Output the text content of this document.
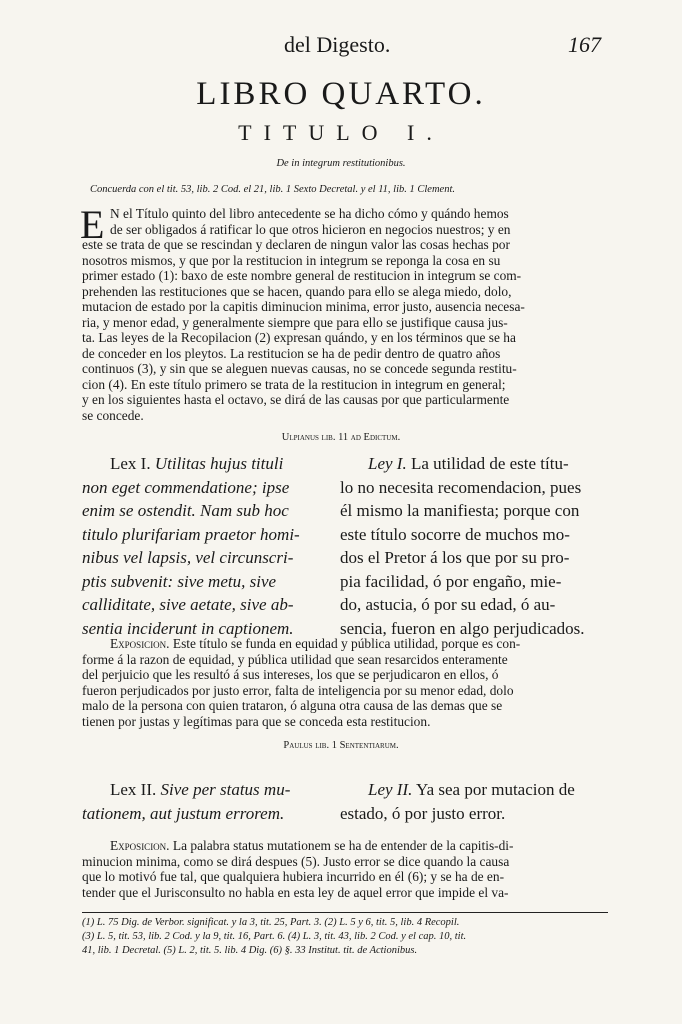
del Digesto.	167
LIBRO QUARTO.
TITULO I.
De in integrum restitutionibus.
Concuerda con el tit. 53, lib. 2 Cod. el 21, lib. 1 Sexto Decretal. y el 11, lib. 1 Clement.
E N el Título quinto del libro antecedente se ha dicho cómo y quándo hemos
de ser obligados á ratificar lo que otros hicieron en negocios nuestros; y en
este se trata de que se rescindan y declaren de ningun valor las cosas hechas por
nosotros mismos, y que por la restitucion in integrum se reponga la cosa en su
primer estado (1): baxo de este nombre general de restitucion in integrum se com-
prehenden las restituciones que se hacen, quando para ello se alega miedo, dolo,
mutacion de estado por la capitis diminucion minima, error justo, ausencia necesa-
ria, y menor edad, y generalmente siempre que para ello se justifique causa jus-
ta. Las leyes de la Recopilacion (2) expresan quándo, y en los términos que se ha
de conceder en los pleytos. La restitucion se ha de pedir dentro de quatro años
continuos (3), y sin que se aleguen nuevas causas, no se concede segunda restitu-
cion (4). En este título primero se trata de la restitucion in integrum en general;
y en los siguientes hasta el octavo, se dirá de las causas por que particularmente
se concede.
Ulpianus lib. 11 ad Edictum.
Lex I. Utilitas hujus tituli
non eget commendatione; ipse
enim se ostendit. Nam sub hoc
titulo plurifariam praetor homi-
nibus vel lapsis, vel circunscri-
ptis subvenit: sive metu, sive
calliditate, sive aetate, sive ab-
sentia inciderunt in captionem.
Ley I. La utilidad de este títu-
lo no necesita recomendacion, pues
él mismo la manifiesta; porque con
este título socorre de muchos mo-
dos el Pretor á los que por su pro-
pia facilidad, ó por engaño, mie-
do, astucia, ó por su edad, ó au-
sencia, fueron en algo perjudicados.
Exposicion. Este título se funda en equidad y pública utilidad, porque es con-
forme á la razon de equidad, y pública utilidad que sean resarcidos enteramente
del perjuicio que les resultó á sus intereses, los que se perjudicaron en ellos, ó
fueron perjudicados por justo error, falta de inteligencia por su menor edad, dolo
malo de la persona con quien trataron, ó alguna otra causa de las demas que se
tienen por justas y legítimas para que se conceda esta restitucion.
Paulus lib. 1 Sententiarum.
Lex II. Sive per status mu-
tationem, aut justum errorem.
Ley II. Ya sea por mutacion de
estado, ó por justo error.
Exposicion. La palabra status mutationem se ha de entender de la capitis-di-
minucion minima, como se dirá despues (5). Justo error se dice quando la causa
que lo motivó fue tal, que qualquiera hubiera incurrido en él (6); y se ha de en-
tender que el Jurisconsulto no habla en esta ley de aquel error que impide el va-
(1) L. 75 Dig. de Verbor. significat. y la 3, tit. 25, Part. 3. (2) L. 5 y 6, tit. 5, lib. 4 Recopil.
(3) L. 5, tit. 53, lib. 2 Cod. y la 9, tit. 16, Part. 6. (4) L. 3, tit. 43, lib. 2 Cod. y el cap. 10, tit.
41, lib. 1 Decretal. (5) L. 2, tit. 5. lib. 4 Dig. (6) §. 33 Institut. tit. de Actionibus.
